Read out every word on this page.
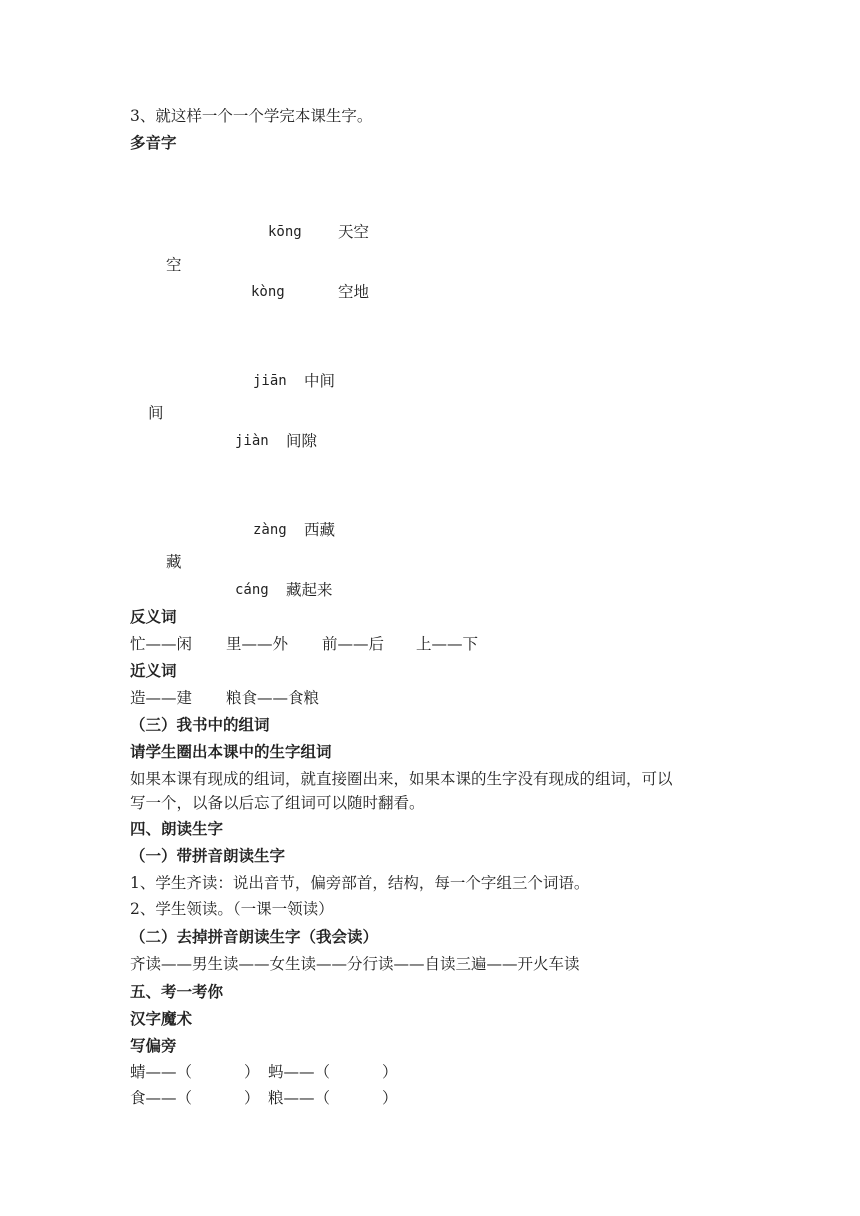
3、就这样一个一个学完本课生字。
多音字
kōng 天空
空
kòng	空地
jiān 中间
间
jiàn 间隙
zàng 西藏
藏
cáng 藏起来
反义词
忙——闲 里——外 前——后 上——下
近义词
造——建 粮食——食粮
（三）我书中的组词
请学生圈出本课中的生字组词
如果本课有现成的组词，就直接圈出来，如果本课的生字没有现成的组词，可以
写一个，以备以后忘了组词可以随时翻看。
四、朗读生字
（一）带拼音朗读生字
1、学生齐读：说出音节，偏旁部首，结构，每一个字组三个词语。
2、学生领读。（一课一领读）
（二）去掉拼音朗读生字（我会读）
齐读——男生读——女生读——分行读——自读三遍——开火车读
五、考一考你
汉字魔术
写偏旁
蜻——（	） 蚂——（	）
食——（	） 粮——（	）
